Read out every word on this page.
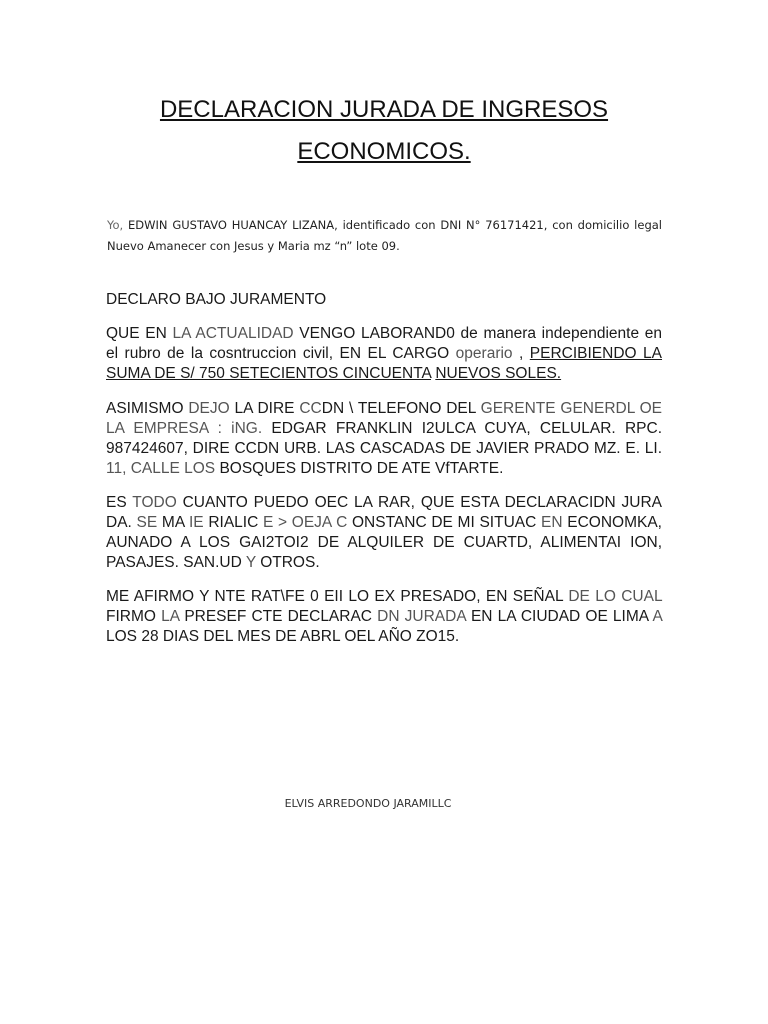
DECLARACION JURADA DE INGRESOS
ECONOMICOS.
Yo, EDWIN GUSTAVO HUANCAY LIZANA, identificado con DNI N° 76171421, con domicilio legal Nuevo Amanecer con Jesus y Maria mz “n” lote 09.
DECLARO BAJO JURAMENTO
QUE EN LA ACTUALIDAD VENGO LABORAND0 de manera independiente en el rubro de la cosntruccion civil, EN EL CARGO operario , PERCIBIENDO LA SUMA DE S/ 750 SETECIENTOS CINCUENTA NUEVOS SOLES.
ASIMISMO DEJO LA DIRE CCDN \ TELEFONO DEL GERENTE GENERDL OE LA EMPRESA : iNG. EDGAR FRANKLIN I2ULCA CUYA, CELULAR. RPC. 987424607, DIRE CCDN URB. LAS CASCADAS DE JAVIER PRADO MZ. E. LI. 11, CALLE LOS BOSQUES DISTRITO DE ATE VfTARTE.
ES TODO CUANTO PUEDO OEC LA RAR, QUE ESTA DECLARACIDN JURA DA. SE MA IE RIALIC E > OEJA C ONSTANC DE MI SITUAC EN ECONOMKA, AUNADO A LOS GAI2TOI2 DE ALQUILER DE CUARTD, ALIMENTAI ION, PASAJES. SAN.UD Y OTROS.
ME AFIRMO Y NTE RAT\FE 0 EII LO EX PRESADO, EN SEÑAL DE LO CUAL FIRMO LA PRESEF CTE DECLARAC DN JURADA EN LA CIUDAD OE LIMA A LOS 28 DIAS DEL MES DE ABRL OEL AÑO ZO15.
ELVIS ARREDONDO JARAMILLC
